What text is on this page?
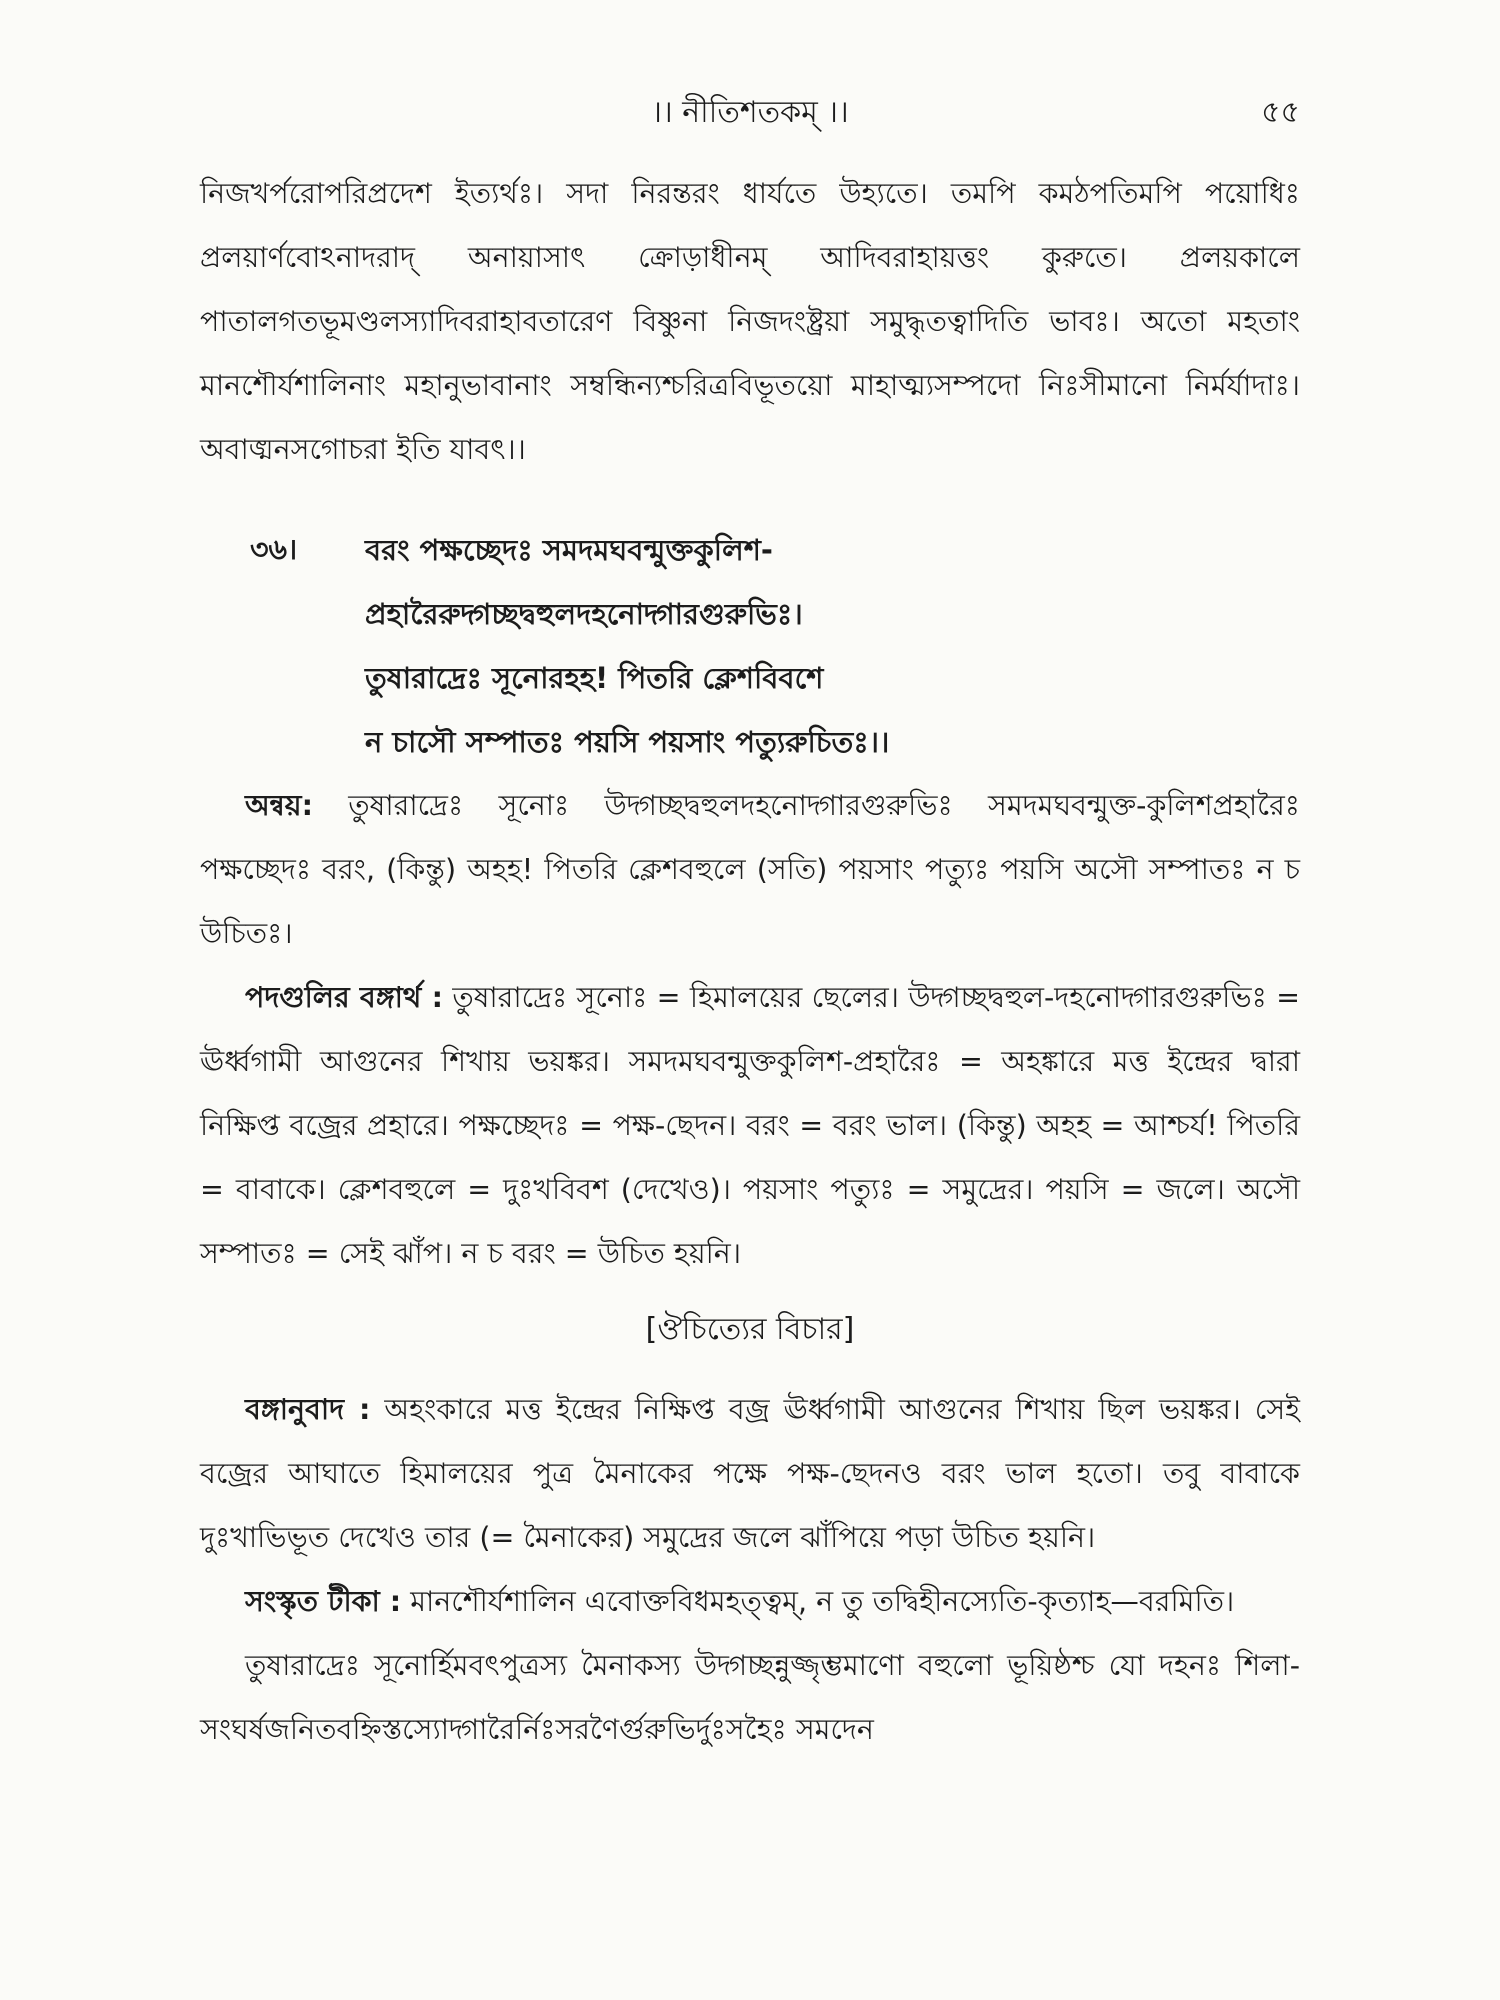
।। নীতিশতকম্ ।।	৫৫

নিজখর্পরোপরিপ্রদেশ ইত্যর্থঃ। সদা নিরন্তরং ধার্যতে উহ্যতে। তমপি কমঠপতিমপি পয়োধিঃ প্রলয়ার্ণবোঽনাদরাদ্ অনায়াসাৎ ক্রোড়াধীনম্ আদিবরাহায়ত্তং কুরুতে। প্রলয়কালে পাতালগতভূমণ্ডলস্যাদিবরাহাবতারেণ বিষ্ণুনা নিজদংষ্ট্রয়া সমুদ্ধৃতত্বাদিতি ভাবঃ। অতো মহতাং মানশৌর্যশালিনাং মহানুভাবানাং সম্বন্ধিন্যশ্চরিত্রবিভূতয়ো মাহাত্ম্যসম্পদো নিঃসীমানো নির্মর্যাদাঃ। অবাঙ্মনসগোচরা ইতি যাবৎ।।

৩৬। বরং পক্ষচ্ছেদঃ সমদমঘবন্মুক্তকুলিশ-
প্রহারৈরুদ্গচ্ছদ্বহুলদহনোদ্গারগুরুভিঃ।
তুষারাদ্রেঃ সূনোরহহ! পিতরি ক্লেশবিবশে
ন চাসৌ সম্পাতঃ পয়সি পয়সাং পত্যুরুচিতঃ।।

অন্বয়: তুষারাদ্রেঃ সূনোঃ উদ্গচ্ছদ্বহুলদহনোদ্গারগুরুভিঃ সমদমঘবন্মুক্ত-কুলিশপ্রহারৈঃ পক্ষচ্ছেদঃ বরং, (কিন্তু) অহহ! পিতরি ক্লেশবহুলে (সতি) পয়সাং পত্যুঃ পয়সি অসৌ সম্পাতঃ ন চ উচিতঃ।

পদগুলির বঙ্গার্থ : তুষারাদ্রেঃ সূনোঃ = হিমালয়ের ছেলের। উদ্গচ্ছদ্বহুল-দহনোদ্গারগুরুভিঃ = ঊর্ধ্বগামী আগুনের শিখায় ভয়ঙ্কর। সমদমঘবন্মুক্তকুলিশ-প্রহারৈঃ = অহঙ্কারে মত্ত ইন্দ্রের দ্বারা নিক্ষিপ্ত বজ্রের প্রহারে। পক্ষচ্ছেদঃ = পক্ষ-ছেদন। বরং = বরং ভাল। (কিন্তু) অহহ = আশ্চর্য! পিতরি = বাবাকে। ক্লেশবহুলে = দুঃখবিবশ (দেখেও)। পয়সাং পত্যুঃ = সমুদ্রের। পয়সি = জলে। অসৌ সম্পাতঃ = সেই ঝাঁপ। ন চ বরং = উচিত হয়নি।

[ঔচিত্যের বিচার]

বঙ্গানুবাদ : অহংকারে মত্ত ইন্দ্রের নিক্ষিপ্ত বজ্র ঊর্ধ্বগামী আগুনের শিখায় ছিল ভয়ঙ্কর। সেই বজ্রের আঘাতে হিমালয়ের পুত্র মৈনাকের পক্ষে পক্ষ-ছেদনও বরং ভাল হতো। তবু বাবাকে দুঃখাভিভূত দেখেও তার (= মৈনাকের) সমুদ্রের জলে ঝাঁপিয়ে পড়া উচিত হয়নি।

সংস্কৃত টীকা : মানশৌর্যশালিন এবোক্তবিধমহত্ত্বম্, ন তু তদ্বিহীনস্যেতি-কৃত্যাহ—বরমিতি।

তুষারাদ্রেঃ সূনোর্হিমবৎপুত্রস্য মৈনাকস্য উদ্গচ্ছন্নুজ্জৃম্ভমাণো বহুলো ভূয়িষ্ঠশ্চ যো দহনঃ শিলা-সংঘর্ষজনিতবহ্নিস্তস্যোদ্গারৈর্নিঃসরণৈর্গুরুভির্দুঃসহৈঃ সমদেন
